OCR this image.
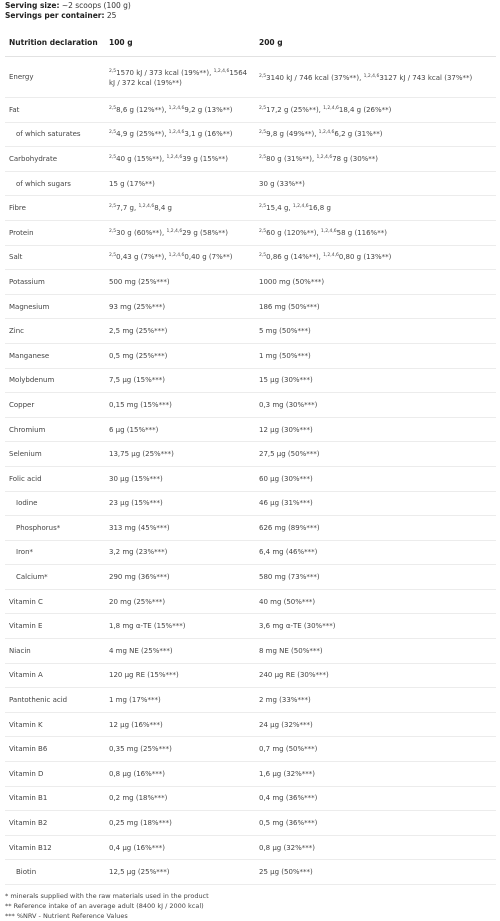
Serving size: ~2 scoops (100 g)
Servings per container: 25
Nutrition declaration	100 g	200 g
Energy	$^{2,5}$1570 kJ / 373 kcal (19%**), $^{1,2,4,6}$1564 kJ / 372 kcal (19%**)	$^{2,5}$3140 kJ / 746 kcal (37%**), $^{1,2,4,6}$3127 kJ / 743 kcal (37%**)
Fat	$^{2,5}$8,6 g (12%**), $^{1,2,4,6}$9,2 g (13%**)	$^{2,5}$17,2 g (25%**), $^{1,2,4,6}$18,4 g (26%**)
of which saturates	$^{2,5}$4,9 g (25%**), $^{1,2,4,6}$3,1 g (16%**)	$^{2,5}$9,8 g (49%**), $^{1,2,4,6}$6,2 g (31%**)
Carbohydrate	$^{2,5}$40 g (15%**), $^{1,2,4,6}$39 g (15%**)	$^{2,5}$80 g (31%**), $^{1,2,4,6}$78 g (30%**)
of which sugars	15 g (17%**)	30 g (33%**)
Fibre	$^{2,5}$7,7 g, $^{1,2,4,6}$8,4 g	$^{2,5}$15,4 g, $^{1,2,4,6}$16,8 g
Protein	$^{2,5}$30 g (60%**), $^{1,2,4,6}$29 g (58%**)	$^{2,5}$60 g (120%**), $^{1,2,4,6}$58 g (116%**)
Salt	$^{2,5}$0,43 g (7%**), $^{1,2,4,6}$0,40 g (7%**)	$^{2,5}$0,86 g (14%**), $^{1,2,4,6}$0,80 g (13%**)
Potassium	500 mg (25%***)	1000 mg (50%***)
Magnesium	93 mg (25%***)	186 mg (50%***)
Zinc	2,5 mg (25%***)	5 mg (50%***)
Manganese	0,5 mg (25%***)	1 mg (50%***)
Molybdenum	7,5 µg (15%***)	15 µg (30%***)
Copper	0,15 mg (15%***)	0,3 mg (30%***)
Chromium	6 µg (15%***)	12 µg (30%***)
Selenium	13,75 µg (25%***)	27,5 µg (50%***)
Folic acid	30 µg (15%***)	60 µg (30%***)
Iodine	23 µg (15%***)	46 µg (31%***)
Phosphorus*	313 mg (45%***)	626 mg (89%***)
Iron*	3,2 mg (23%***)	6,4 mg (46%***)
Calcium*	290 mg (36%***)	580 mg (73%***)
Vitamin C	20 mg (25%***)	40 mg (50%***)
Vitamin E	1,8 mg α-TE (15%***)	3,6 mg α-TE (30%***)
Niacin	4 mg NE (25%***)	8 mg NE (50%***)
Vitamin A	120 µg RE (15%***)	240 µg RE (30%***)
Pantothenic acid	1 mg (17%***)	2 mg (33%***)
Vitamin K	12 µg (16%***)	24 µg (32%***)
Vitamin B6	0,35 mg (25%***)	0,7 mg (50%***)
Vitamin D	0,8 µg (16%***)	1,6 µg (32%***)
Vitamin B1	0,2 mg (18%***)	0,4 mg (36%***)
Vitamin B2	0,25 mg (18%***)	0,5 mg (36%***)
Vitamin B12	0,4 µg (16%***)	0,8 µg (32%***)
Biotin	12,5 µg (25%***)	25 µg (50%***)
* minerals supplied with the raw materials used in the product
** Reference intake of an average adult (8400 kJ / 2000 kcal)
*** %NRV - Nutrient Reference Values
